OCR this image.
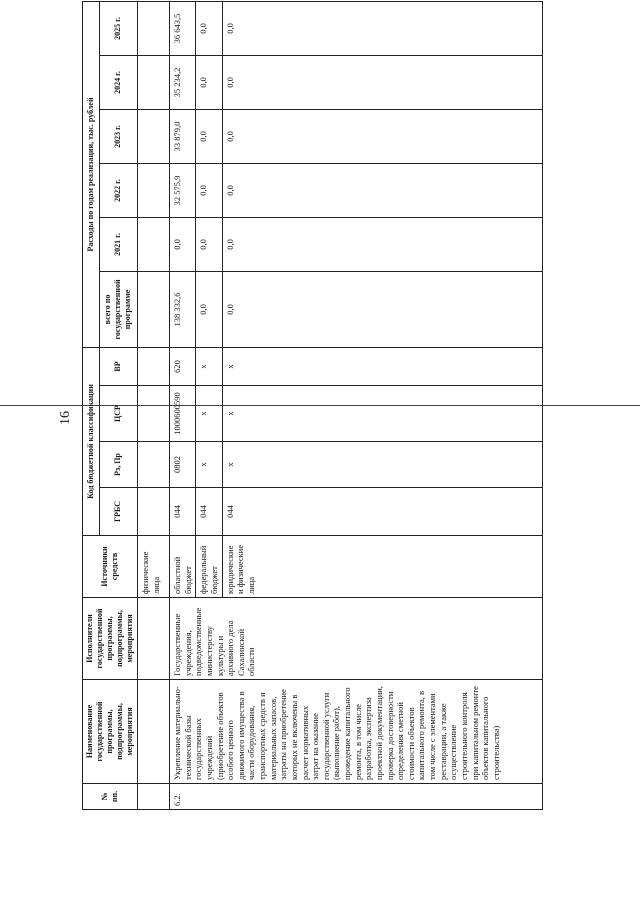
16
№ пп.	Наименование государственной программы, подпрограммы, мероприятия	Исполнители государственной программы, подпрограммы, мероприятия	Источники средств	Код бюджетной классификации				Расходы по годам реализации, тыс. рублей					
				ГРБС	Рз, Пр	ЦСР	ВР	всего по государственной программе	2021 г.	2022 г.	2023 г.	2024 г.	2025 г.
			физические лица										
6.2.	Укрепление материально-технической базы государственных учреждений (приобретение объектов особого ценного движимого имущества в части оборудования, транспортных средств и материальных запасов, затраты на приобретение которых не включены в расчет нормативных затрат на оказание государственной услуги (выполнение работ), проведение капитального ремонта, в том числе разработка, экспертиза проектной документации, проверка достоверности определения сметной стоимости объектов капитального ремонта, в том числе с элементами реставрации, а также осуществление строительного контроля при капитальном ремонте объектов капитального строительства)	Государственные учреждения, подведомственные министерству культуры и архивного дела Сахалинской области	областной бюджет	044	0802	1000600590	620	138 332,6	0,0	32 575,9	33 879,0	35 234,2	36 643,5
			федеральный бюджет	044	х	х	х	0,0	0,0	0,0	0,0	0,0	0,0
			юридические и физические лица	044	х	х	х	0,0	0,0	0,0	0,0	0,0	0,0
